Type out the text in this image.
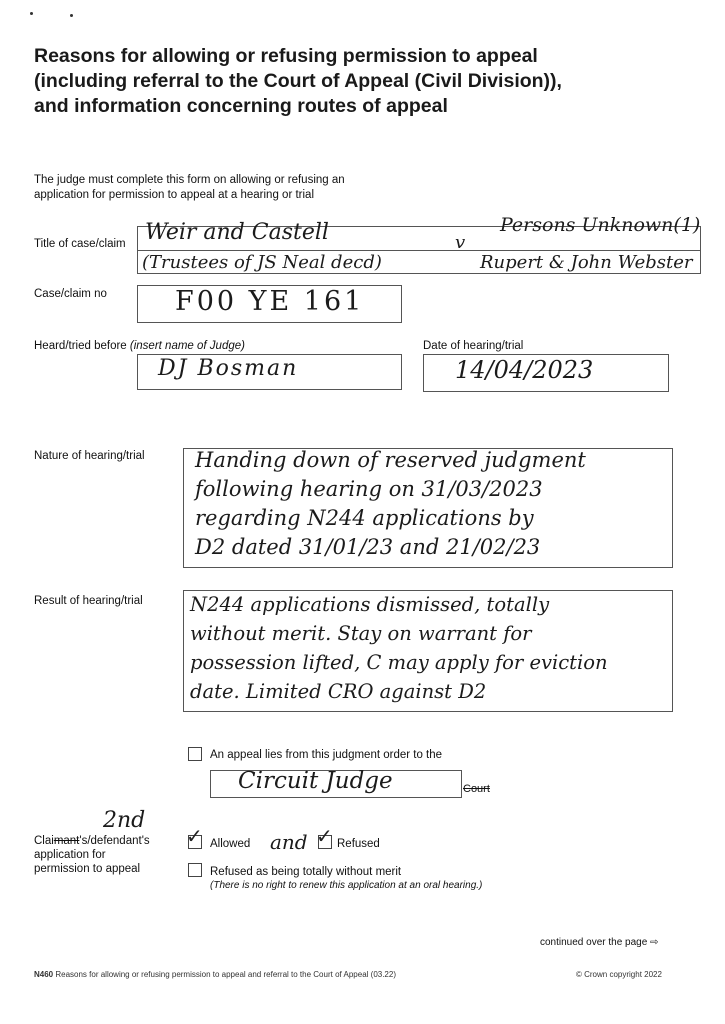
Reasons for allowing or refusing permission to appeal
(including referral to the Court of Appeal (Civil Division)),
and information concerning routes of appeal
The judge must complete this form on allowing or refusing an
application for permission to appeal at a hearing or trial
Title of case/claim Weir and Castell	v
Persons Unknown(1)
(Trustees of JS Neal decd)	Rupert & John Webster
Case/claim no	F00 YE 161
Heard/tried before (insert name of Judge)
DJ Bosman
Date of hearing/trial
14/04/2023
Nature of hearing/trial Handing down of reserved judgment
following hearing on 31/03/2023
regarding N244 applications by
D2 dated 31/01/23 and 21/02/23
Result of hearing/trial N244 applications dismissed, totally
without merit. Stay on warrant for
possession lifted, C may apply for eviction
date. Limited CRO against D2
An appeal lies from this judgment order to the
Circuit Judge	Court
2nd
Claimant's/defendant's
application for
permission to appeal
✓ Allowed and ✓ Refused
Refused as being totally without merit
(There is no right to renew this application at an oral hearing.)
continued over the page ⇨
N460 Reasons for allowing or refusing permission to appeal and referral to the Court of Appeal (03.22)	© Crown copyright 2022
